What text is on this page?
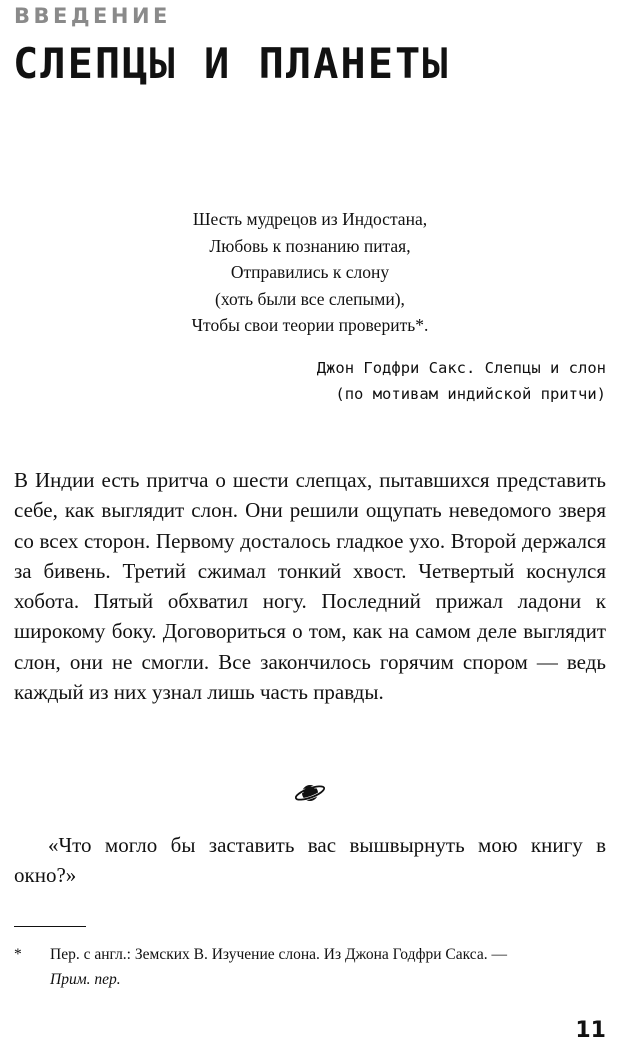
ВВЕДЕНИЕ
СЛЕПЦЫ И ПЛАНЕТЫ
Шесть мудрецов из Индостана,
Любовь к познанию питая,
Отправились к слону
(хоть были все слепыми),
Чтобы свои теории проверить*.
Джон Годфри Сакс. Слепцы и слон
(по мотивам индийской притчи)
В Индии есть притча о шести слепцах, пытавшихся представить себе, как выглядит слон. Они решили ощупать неведомого зверя со всех сторон. Первому досталось гладкое ухо. Второй держался за бивень. Третий сжимал тонкий хвост. Четвертый коснулся хобота. Пятый обхватил ногу. Последний прижал ладони к широкому боку. Договориться о том, как на самом деле выглядит слон, они не смогли. Все закончилось горячим спором — ведь каждый из них узнал лишь часть правды.
«Что могло бы заставить вас вышвырнуть мою книгу в окно?»
* Пер. с англ.: Земских В. Изучение слона. Из Джона Годфри Сакса. —
Прим. пер.
11
